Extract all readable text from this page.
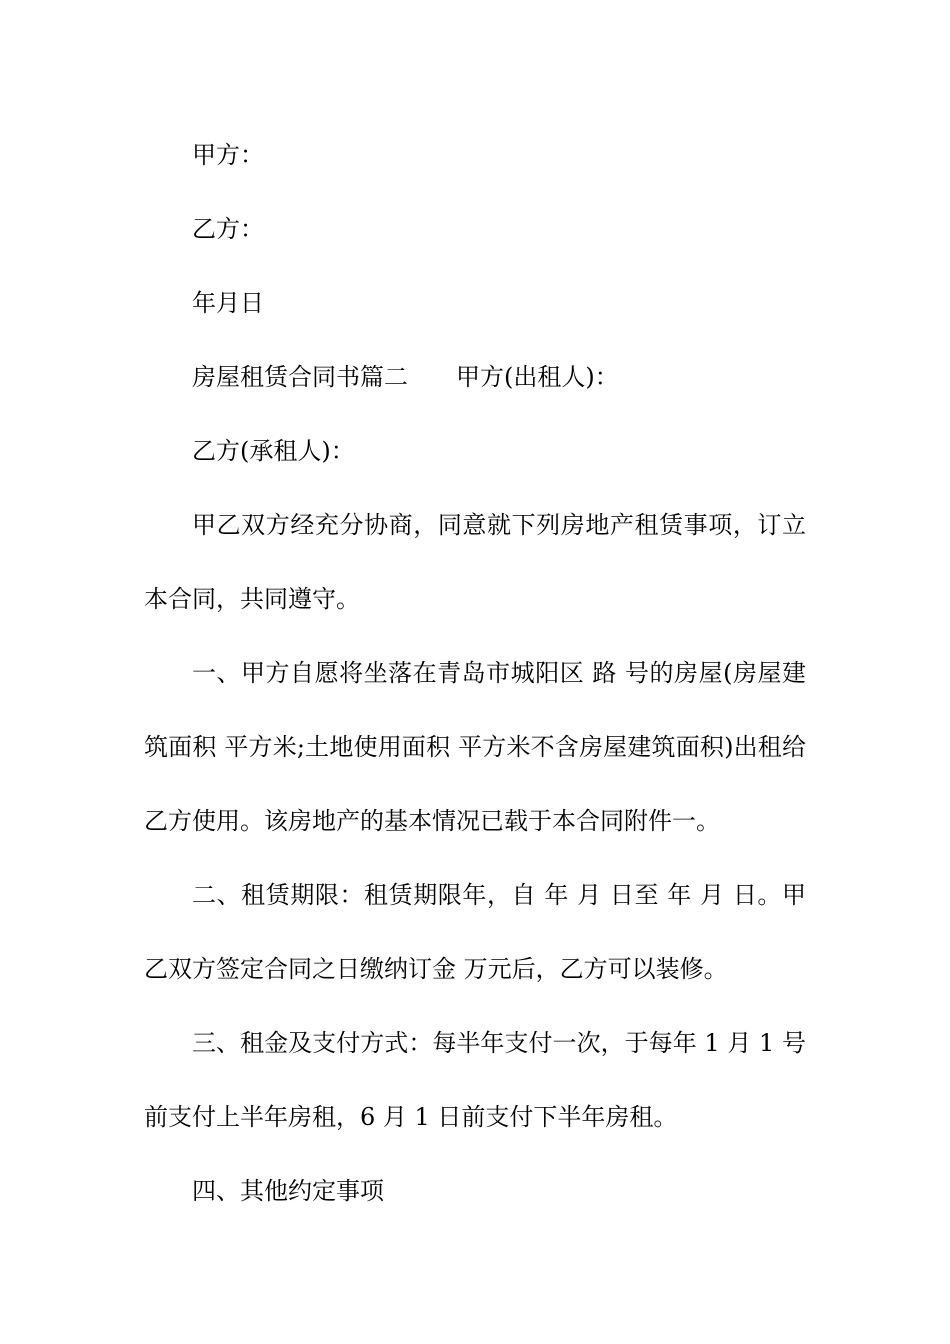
甲方：

乙方：

年月日

房屋租赁合同书篇二 甲方(出租人)：

乙方(承租人)：

甲乙双方经充分协商，同意就下列房地产租赁事项，订立本合同，共同遵守。

一、甲方自愿将坐落在青岛市城阳区 路 号的房屋(房屋建筑面积 平方米;土地使用面积 平方米不含房屋建筑面积)出租给乙方使用。该房地产的基本情况已载于本合同附件一。

二、租赁期限：租赁期限年，自 年 月 日至 年 月 日。甲乙双方签定合同之日缴纳订金 万元后，乙方可以装修。

三、租金及支付方式：每半年支付一次，于每年 1 月 1 号前支付上半年房租，6 月 1 日前支付下半年房租。

四、其他约定事项
